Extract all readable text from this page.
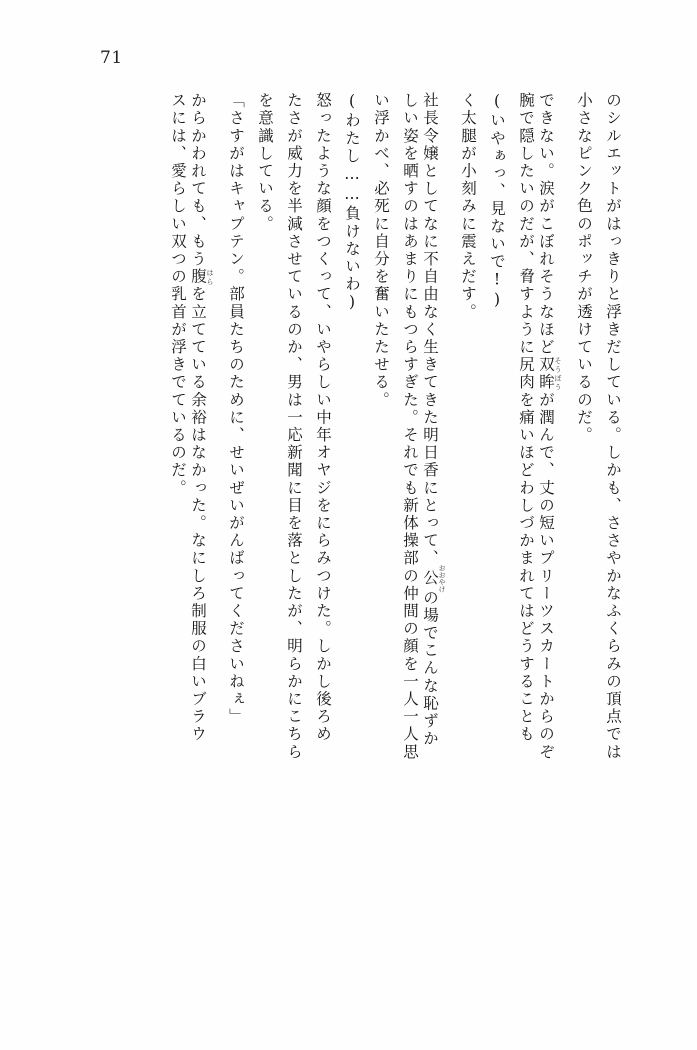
71
のシルエットがはっきりと浮きだしている。しかも、ささやかなふくらみの頂点では
小さなピンク色のポッチが透けているのだ。
できない。涙がこぼれそうなほど双眸 そうぼうが潤んで、丈の短いプリーツスカートからのぞ
腕で隠したいのだが、脅すように尻肉を痛いほどわしづかまれてはどうすることも
(いやぁっ、見ないで!)
く太腿が小刻みに震えだす。
社長令嬢としてなに不自由なく生きてきた明日香にとって、公 おおやけの場でこんな恥ずか
しい姿を晒すのはあまりにもつらすぎた。それでも新体操部の仲間の顔を一人一人思
い浮かべ、必死に自分を奮いたたせる。
(わたし……負けないわ)
怒ったような顔をつくって、いやらしい中年オヤジをにらみつけた。しかし後ろめ
たさが威力を半減させているのか、男は一応新聞に目を落としたが、明らかにこちら
を意識している。
「さすがはキャプテン。部員たちのために、せいぜいがんばってくださいねぇ」
からかわれても、もう腹 はらを立てている余裕はなかった。なにしろ制服の白いブラウ
スには、愛らしい双つの乳首が浮きでているのだ。
